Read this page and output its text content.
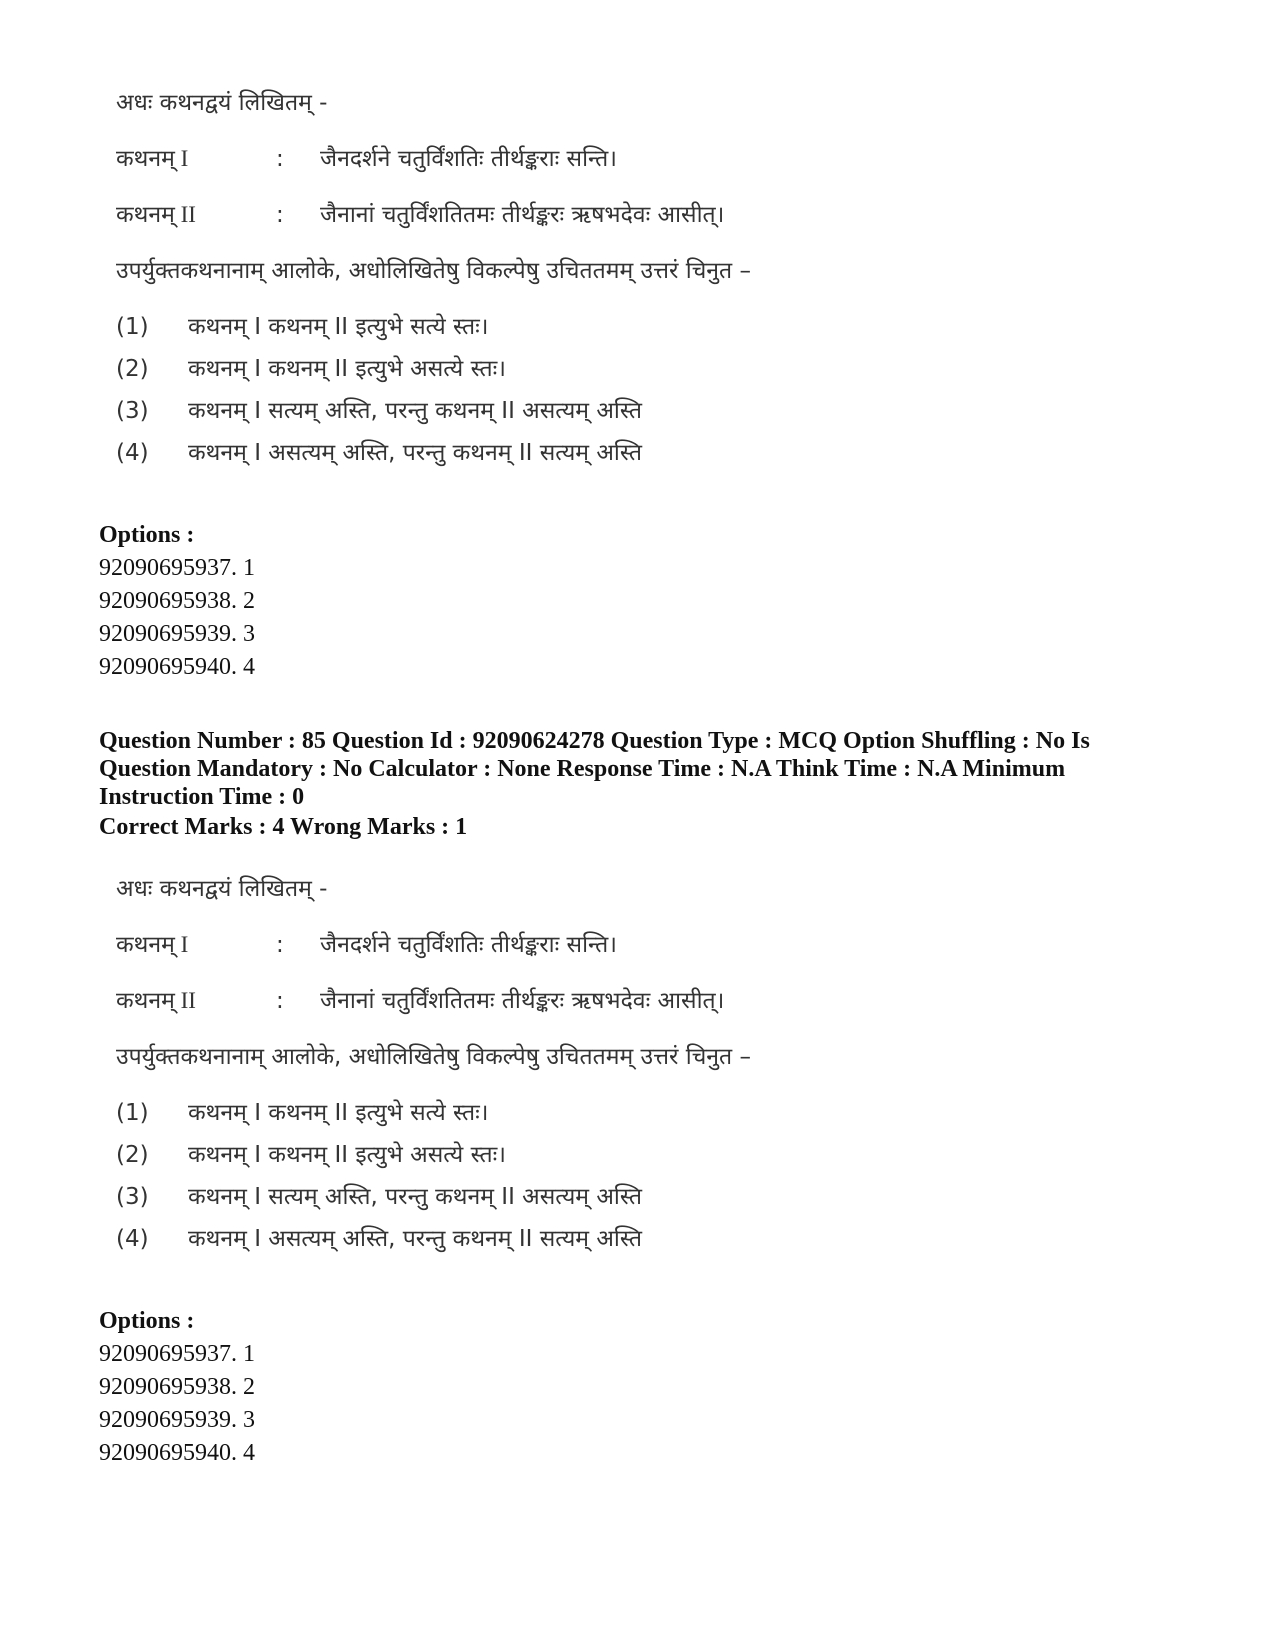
अधः कथनद्वयं लिखितम् -
कथनम् I	: जैनदर्शने चतुर्विंशतिः तीर्थङ्कराः सन्ति।
कथनम् II	: जैनानां चतुर्विंशतितमः तीर्थङ्करः ऋषभदेवः आसीत्।
उपर्युक्तकथनानाम् आलोके, अधोलिखितेषु विकल्पेषु उचिततमम् उत्तरं चिनुत –
(1) कथनम् I कथनम् II इत्युभे सत्ये स्तः।
(2) कथनम् I कथनम् II इत्युभे असत्ये स्तः।
(3) कथनम् I सत्यम् अस्ति, परन्तु कथनम् II असत्यम् अस्ति
(4) कथनम् I असत्यम् अस्ति, परन्तु कथनम् II सत्यम् अस्ति
Options :
92090695937. 1
92090695938. 2
92090695939. 3
92090695940. 4
Question Number : 85 Question Id : 92090624278 Question Type : MCQ Option Shuffling : No Is
Question Mandatory : No Calculator : None Response Time : N.A Think Time : N.A Minimum
Instruction Time : 0
Correct Marks : 4 Wrong Marks : 1
अधः कथनद्वयं लिखितम् -
कथनम् I	: जैनदर्शने चतुर्विंशतिः तीर्थङ्कराः सन्ति।
कथनम् II	: जैनानां चतुर्विंशतितमः तीर्थङ्करः ऋषभदेवः आसीत्।
उपर्युक्तकथनानाम् आलोके, अधोलिखितेषु विकल्पेषु उचिततमम् उत्तरं चिनुत –
(1) कथनम् I कथनम् II इत्युभे सत्ये स्तः।
(2) कथनम् I कथनम् II इत्युभे असत्ये स्तः।
(3) कथनम् I सत्यम् अस्ति, परन्तु कथनम् II असत्यम् अस्ति
(4) कथनम् I असत्यम् अस्ति, परन्तु कथनम् II सत्यम् अस्ति
Options :
92090695937. 1
92090695938. 2
92090695939. 3
92090695940. 4
